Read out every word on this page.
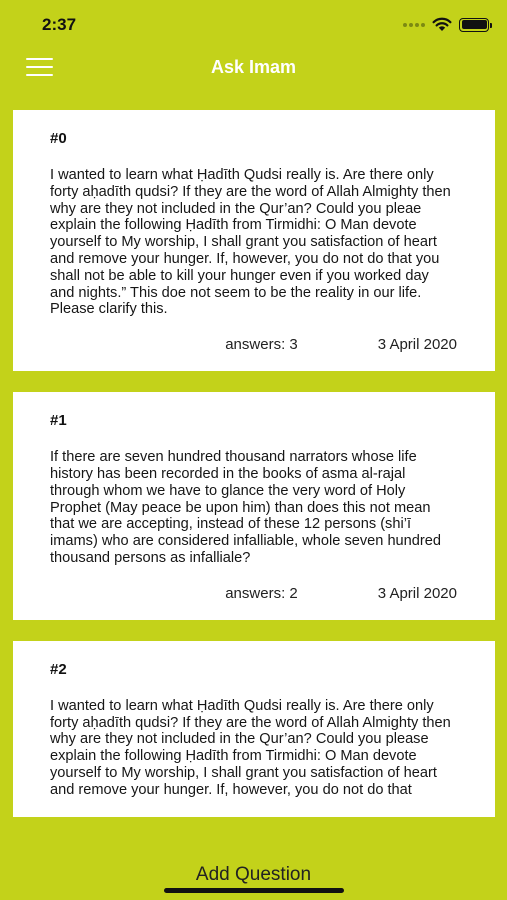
2:37
Ask Imam
#0
I wanted to learn what Ḥadīth Qudsi really is. Are there only forty aḥadīth qudsi? If they are the word of Allah Almighty then why are they not included in the Qur’an? Could you pleae explain the following Ḥadīth from Tirmidhi: O Man devote yourself to My worship, I shall grant you satisfaction of heart and remove your hunger. If, however, you do not do that you shall not be able to kill your hunger even if you worked day and nights.” This doe not seem to be the reality in our life. Please clarify this.
answers: 3	3 April 2020
#1
If there are seven hundred thousand narrators whose life history has been recorded in the books of asma al-rajal through whom we have to glance the very word of Holy Prophet (May peace be upon him) than does this not mean that we are accepting, instead of these 12 persons (shi’ī imams) who are considered infalliable, whole seven hundred thousand persons as infalliale?
answers: 2	3 April 2020
#2
I wanted to learn what Ḥadīth Qudsi really is. Are there only forty aḥadīth qudsi? If they are the word of Allah Almighty then why are they not included in the Qur’an? Could you please explain the following Ḥadīth from Tirmidhi: O Man devote yourself to My worship, I shall grant you satisfaction of heart and remove your hunger. If, however, you do not do that
Add Question
